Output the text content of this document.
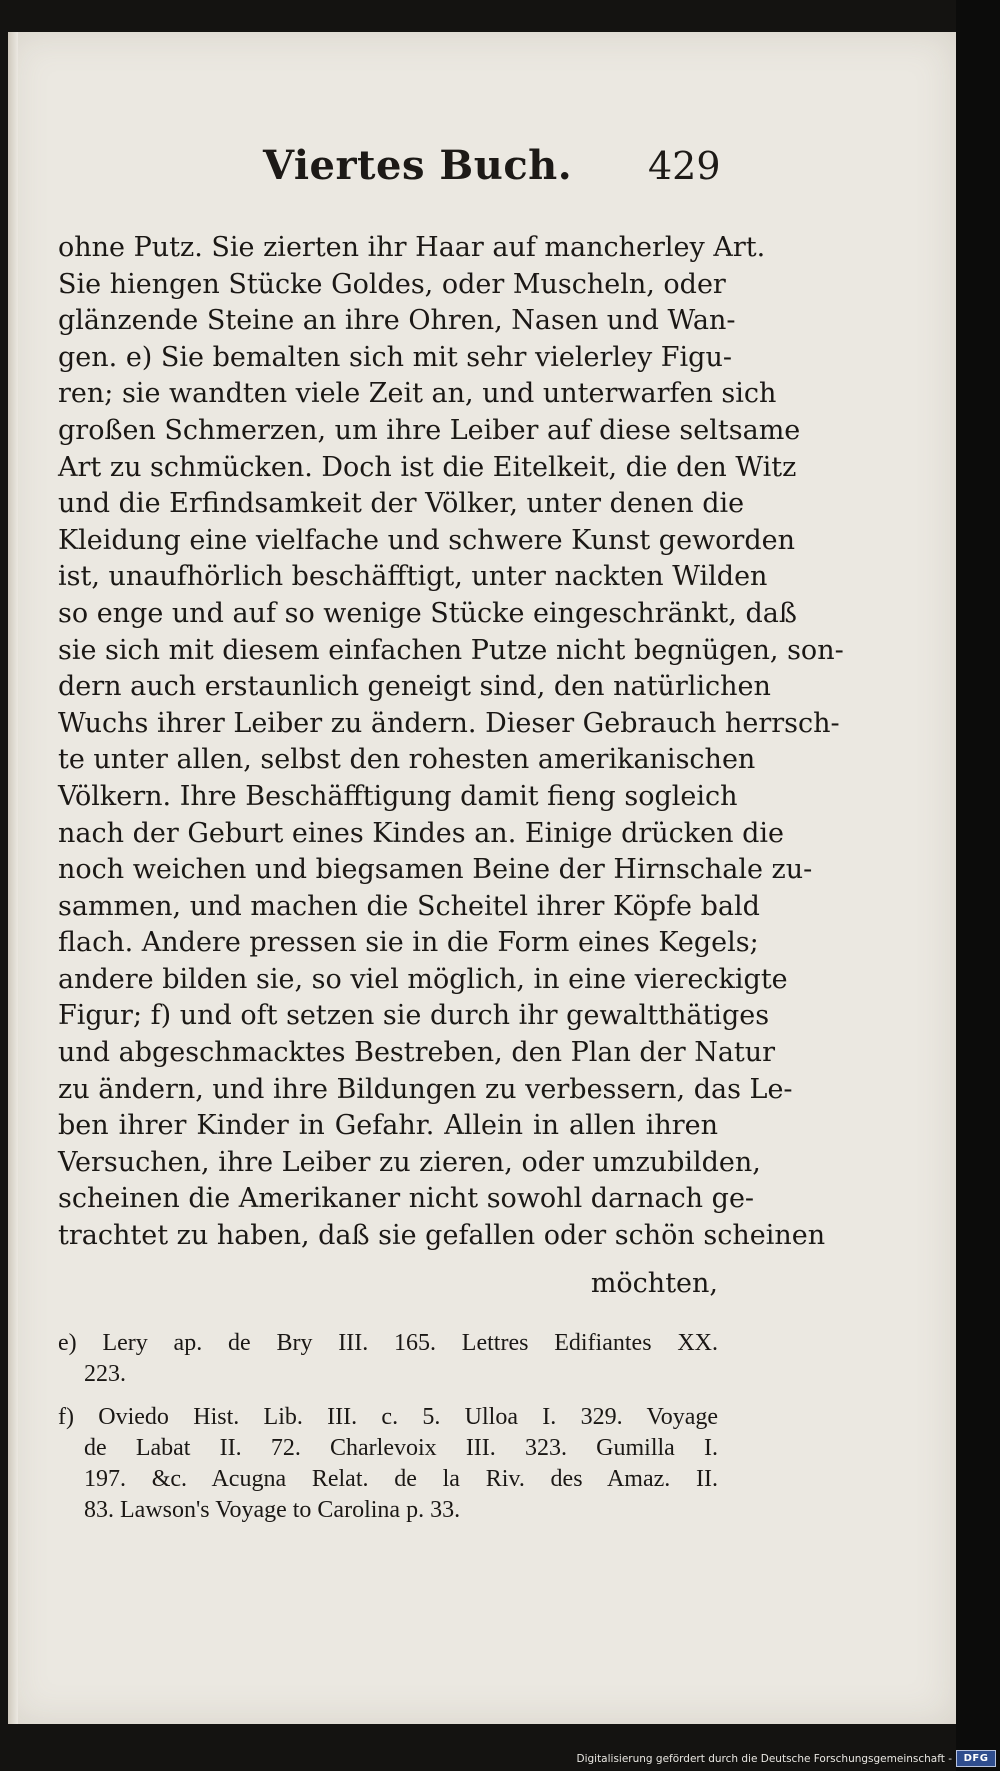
Viertes Buch. 429
ohne Putz. Sie zierten ihr Haar auf mancherley Art.
Sie hiengen Stücke Goldes, oder Muscheln, oder
glänzende Steine an ihre Ohren, Nasen und Wan-
gen. e) Sie bemalten sich mit sehr vielerley Figu-
ren; sie wandten viele Zeit an, und unterwarfen sich
großen Schmerzen, um ihre Leiber auf diese seltsame
Art zu schmücken. Doch ist die Eitelkeit, die den Witz
und die Erfindsamkeit der Völker, unter denen die
Kleidung eine vielfache und schwere Kunst geworden
ist, unaufhörlich beschäfftigt, unter nackten Wilden
so enge und auf so wenige Stücke eingeschränkt, daß
sie sich mit diesem einfachen Putze nicht begnügen, son-
dern auch erstaunlich geneigt sind, den natürlichen
Wuchs ihrer Leiber zu ändern. Dieser Gebrauch herrsch-
te unter allen, selbst den rohesten amerikanischen
Völkern. Ihre Beschäfftigung damit fieng sogleich
nach der Geburt eines Kindes an. Einige drücken die
noch weichen und biegsamen Beine der Hirnschale zu-
sammen, und machen die Scheitel ihrer Köpfe bald
flach. Andere pressen sie in die Form eines Kegels;
andere bilden sie, so viel möglich, in eine viereckigte
Figur; f) und oft setzen sie durch ihr gewaltthätiges
und abgeschmacktes Bestreben, den Plan der Natur
zu ändern, und ihre Bildungen zu verbessern, das Le-
ben ihrer Kinder in Gefahr. Allein in allen ihren
Versuchen, ihre Leiber zu zieren, oder umzubilden,
scheinen die Amerikaner nicht sowohl darnach ge-
trachtet zu haben, daß sie gefallen oder schön scheinen
möchten,
e) Lery ap. de Bry III. 165. Lettres Edifiantes XX.
223.
f) Oviedo Hist. Lib. III. c. 5. Ulloa I. 329. Voyage
de Labat II. 72. Charlevoix III. 323. Gumilla I.
197. &c. Acugna Relat. de la Riv. des Amaz. II.
83. Lawson's Voyage to Carolina p. 33.
Digitalisierung gefördert durch die Deutsche Forschungsgemeinschaft -	DFG
